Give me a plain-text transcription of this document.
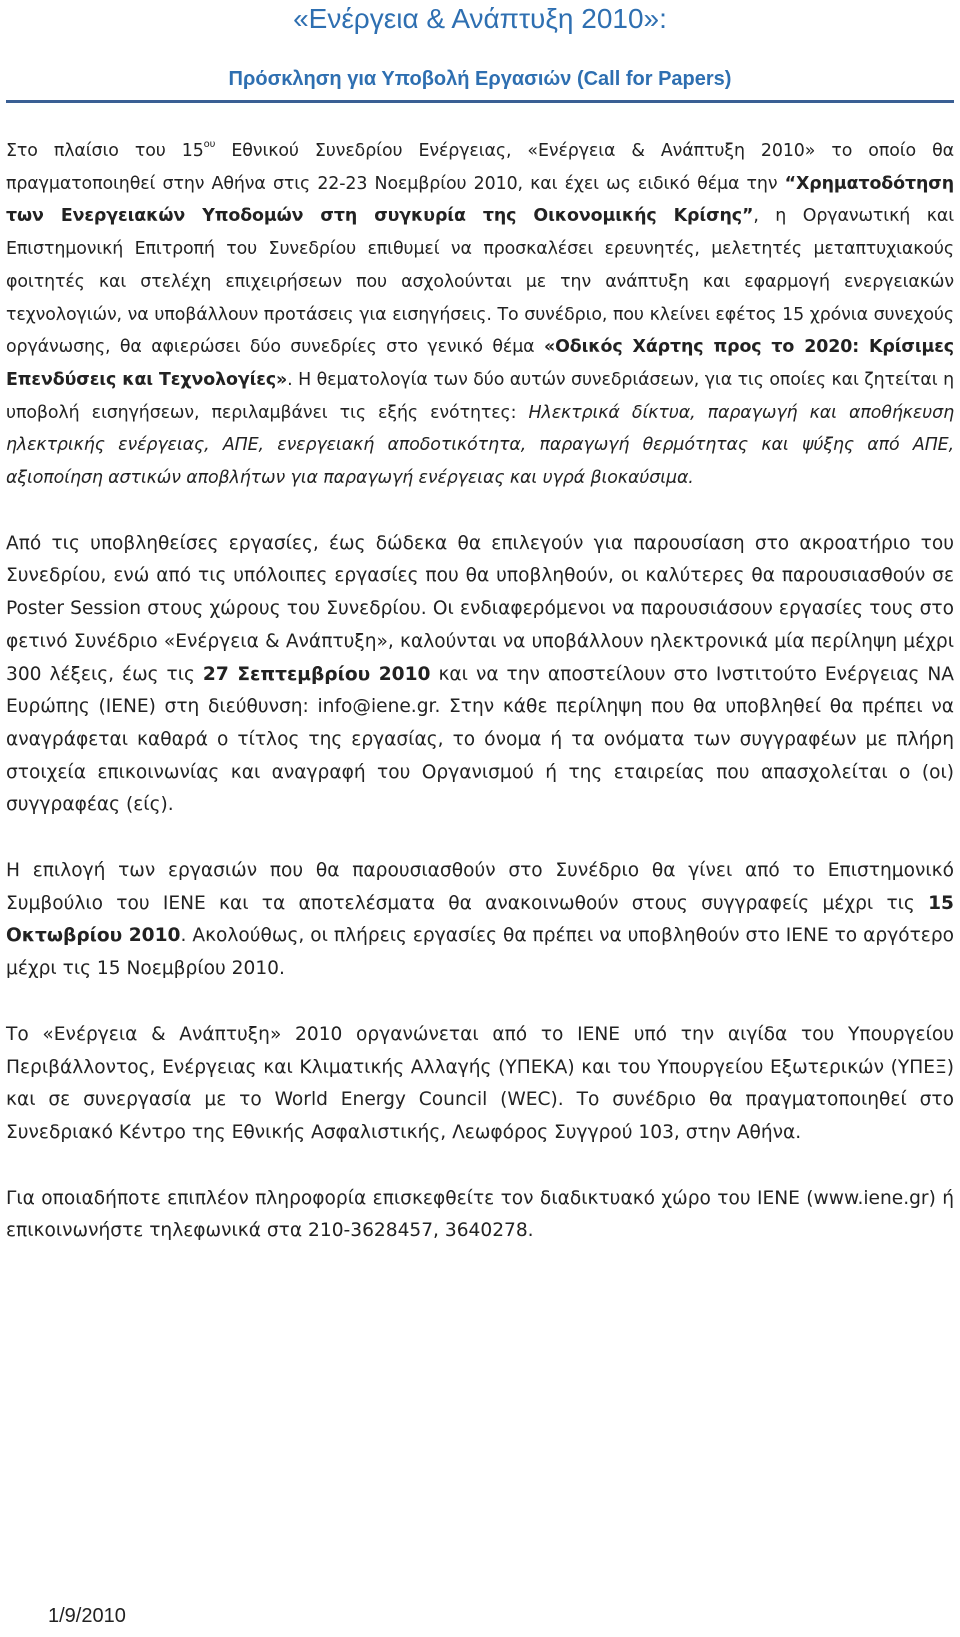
«Ενέργεια & Ανάπτυξη 2010»:
Πρόσκληση για Υποβολή Εργασιών (Call for Papers)

Στο πλαίσιο του $15^{o\upsilon}$ Εθνικού Συνεδρίου Ενέργειας, «Ενέργεια & Ανάπτυξη 2010» το οποίο θα πραγματοποιηθεί στην Αθήνα στις 22-23 Νοεμβρίου 2010, και έχει ως ειδικό θέμα την “Χρηματοδότηση των Ενεργειακών Υποδομών στη συγκυρία της Οικονομικής Κρίσης”, η Οργανωτική και Επιστημονική Επιτροπή του Συνεδρίου επιθυμεί να προσκαλέσει ερευνητές, μελετητές μεταπτυχιακούς φοιτητές και στελέχη επιχειρήσεων που ασχολούνται με την ανάπτυξη και εφαρμογή ενεργειακών τεχνολογιών, να υποβάλλουν προτάσεις για εισηγήσεις. Το συνέδριο, που κλείνει εφέτος 15 χρόνια συνεχούς οργάνωσης, θα αφιερώσει δύο συνεδρίες στο γενικό θέμα «Οδικός Χάρτης προς το 2020: Κρίσιμες Επενδύσεις και Τεχνολογίες». Η θεματολογία των δύο αυτών συνεδριάσεων, για τις οποίες και ζητείται η υποβολή εισηγήσεων, περιλαμβάνει τις εξής ενότητες: Ηλεκτρικά δίκτυα, παραγωγή και αποθήκευση ηλεκτρικής ενέργειας, ΑΠΕ, ενεργειακή αποδοτικότητα, παραγωγή θερμότητας και ψύξης από ΑΠΕ, αξιοποίηση αστικών αποβλήτων για παραγωγή ενέργειας και υγρά βιοκαύσιμα.

Από τις υποβληθείσες εργασίες, έως δώδεκα θα επιλεγούν για παρουσίαση στο ακροατήριο του Συνεδρίου, ενώ από τις υπόλοιπες εργασίες που θα υποβληθούν, οι καλύτερες θα παρουσιασθούν σε Poster Session στους χώρους του Συνεδρίου. Οι ενδιαφερόμενοι να παρουσιάσουν εργασίες τους στο φετινό Συνέδριο «Ενέργεια & Ανάπτυξη», καλούνται να υποβάλλουν ηλεκτρονικά μία περίληψη μέχρι 300 λέξεις, έως τις 27 Σεπτεμβρίου 2010 και να την αποστείλουν στο Ινστιτούτο Ενέργειας ΝΑ Ευρώπης (ΙΕΝΕ) στη διεύθυνση: info@iene.gr. Στην κάθε περίληψη που θα υποβληθεί θα πρέπει να αναγράφεται καθαρά ο τίτλος της εργασίας, το όνομα ή τα ονόματα των συγγραφέων με πλήρη στοιχεία επικοινωνίας και αναγραφή του Οργανισμού ή της εταιρείας που απασχολείται ο (οι) συγγραφέας (είς).

Η επιλογή των εργασιών που θα παρουσιασθούν στο Συνέδριο θα γίνει από το Επιστημονικό Συμβούλιο του ΙΕΝΕ και τα αποτελέσματα θα ανακοινωθούν στους συγγραφείς μέχρι τις 15 Οκτωβρίου 2010. Ακολούθως, οι πλήρεις εργασίες θα πρέπει να υποβληθούν στο ΙΕΝΕ το αργότερο μέχρι τις 15 Νοεμβρίου 2010.

Το «Ενέργεια & Ανάπτυξη» 2010 οργανώνεται από το ΙΕΝΕ υπό την αιγίδα του Υπουργείου Περιβάλλοντος, Ενέργειας και Κλιματικής Αλλαγής (ΥΠΕΚΑ) και του Υπουργείου Εξωτερικών (ΥΠΕΞ) και σε συνεργασία με το World Energy Council (WEC). Το συνέδριο θα πραγματοποιηθεί στο Συνεδριακό Κέντρο της Εθνικής Ασφαλιστικής, Λεωφόρος Συγγρού 103, στην Αθήνα.

Για οποιαδήποτε επιπλέον πληροφορία επισκεφθείτε τον διαδικτυακό χώρο του ΙΕΝΕ (www.iene.gr) ή επικοινωνήστε τηλεφωνικά στα 210-3628457, 3640278.

1/9/2010
